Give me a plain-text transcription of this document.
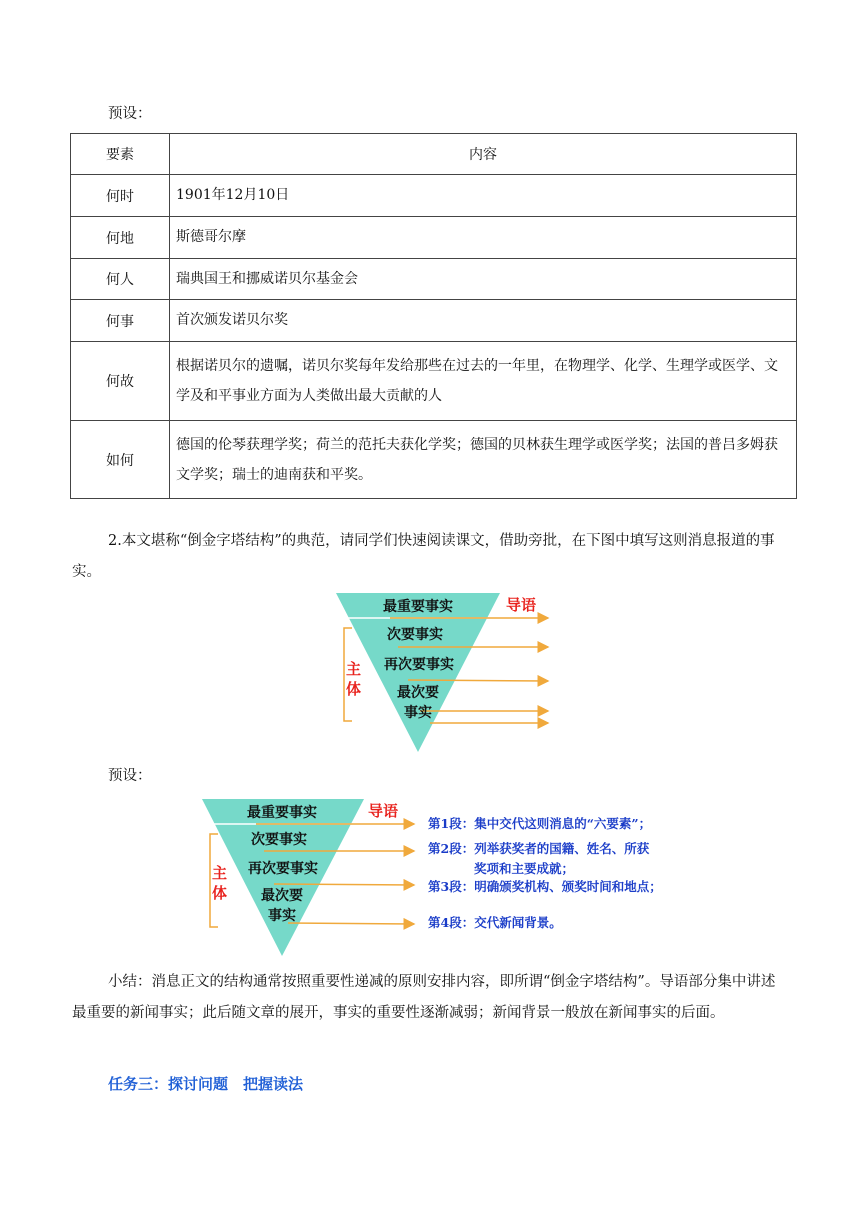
预设：
要素	内容
何时	1901年12月10日
何地	斯德哥尔摩
何人	瑞典国王和挪威诺贝尔基金会
何事	首次颁发诺贝尔奖
何故	根据诺贝尔的遗嘱，诺贝尔奖每年发给那些在过去的一年里，在物理学、化学、生理学或医学、文学及和平事业方面为人类做出最大贡献的人
如何	德国的伦琴获理学奖；荷兰的范托夫获化学奖；德国的贝林获生理学或医学奖；法国的普吕多姆获文学奖；瑞士的迪南获和平奖。
2.本文堪称“倒金字塔结构”的典范，请同学们快速阅读课文，借助旁批，在下图中填写这则消息报道的事实。
最重要事实
次要事实
再次要事实
最次要
事实
导语
主
体
预设：
最重要事实
次要事实
再次要事实
最次要
事实
导语
主
体
第1段：集中交代这则消息的“六要素”；
第2段：列举获奖者的国籍、姓名、所获
奖项和主要成就；
第3段：明确颁奖机构、颁奖时间和地点；
第4段：交代新闻背景。
小结：消息正文的结构通常按照重要性递减的原则安排内容，即所谓“倒金字塔结构”。导语部分集中讲述最重要的新闻事实；此后随文章的展开，事实的重要性逐渐减弱；新闻背景一般放在新闻事实的后面。
任务三：探讨问题　把握读法
